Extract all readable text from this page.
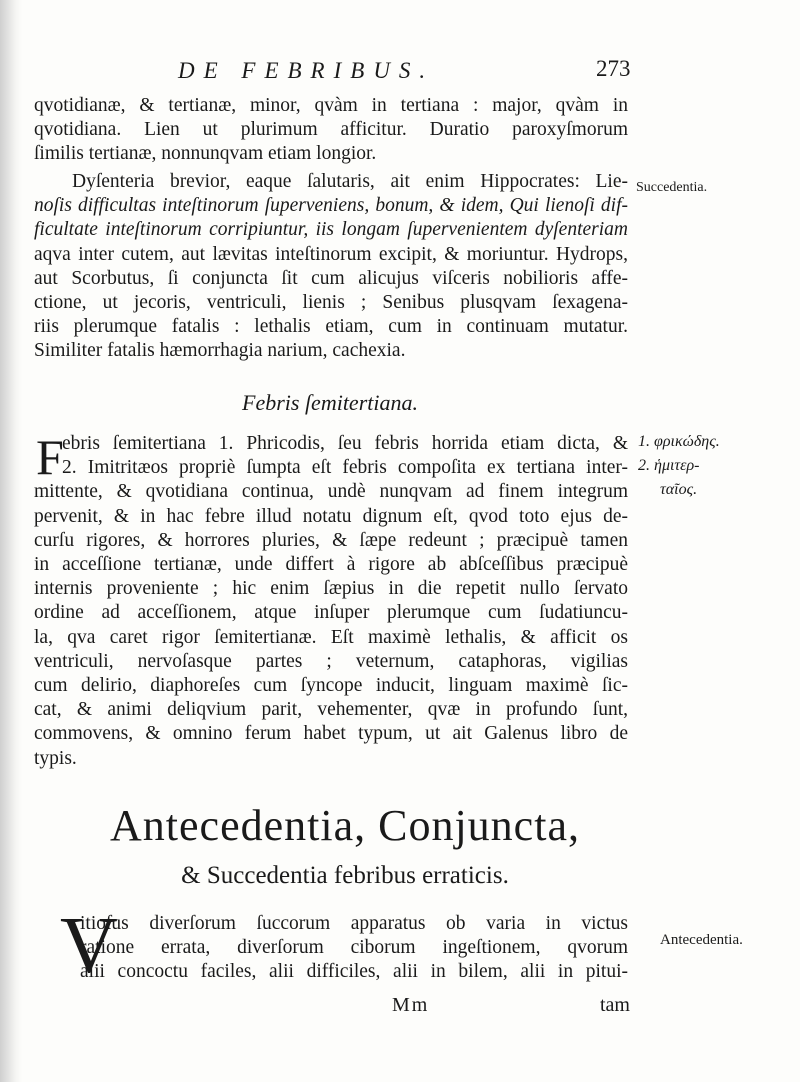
DE FEBRIBUS.	273
qvotidianæ, & tertianæ, minor, qvàm in tertiana : major, qvàm in
qvotidiana. Lien ut plurimum afficitur. Duratio paroxyſmorum
ſimilis tertianæ, nonnunqvam etiam longior.
Dyſenteria brevior, eaque ſalutaris, ait enim Hippocrates: Lie-
noſis difficultas inteſtinorum ſuperveniens, bonum, & idem, Qui lienoſi dif-
ficultate inteſtinorum corripiuntur, iis longam ſupervenientem dyſenteriam
aqva inter cutem, aut lævitas inteſtinorum excipit, & moriuntur. Hydrops,
aut Scorbutus, ſi conjuncta ſit cum alicujus viſceris nobilioris affe-
ctione, ut jecoris, ventriculi, lienis ; Senibus plusqvam ſexagena-
riis plerumque fatalis : lethalis etiam, cum in continuam mutatur.
Similiter fatalis hæmorrhagia narium, cachexia.
Succedentia.
Febris ſemitertiana.
F
ebris ſemitertiana 1. Phricodis, ſeu febris horrida etiam dicta, &
2. Imitritæos propriè ſumpta eſt febris compoſita ex tertiana inter-
mittente, & qvotidiana continua, undè nunqvam ad finem integrum
pervenit, & in hac febre illud notatu dignum eſt, qvod toto ejus de-
curſu rigores, & horrores pluries, & ſæpe redeunt ; præcipuè tamen
in acceſſione tertianæ, unde differt à rigore ab abſceſſibus præcipuè
internis proveniente ; hic enim ſæpius in die repetit nullo ſervato
ordine ad acceſſionem, atque inſuper plerumque cum ſudatiuncu-
la, qva caret rigor ſemitertianæ. Eſt maximè lethalis, & afficit os
ventriculi, nervoſasque partes ; veternum, cataphoras, vigilias
cum delirio, diaphoreſes cum ſyncope inducit, linguam maximè ſic-
cat, & animi deliqvium parit, vehementer, qvæ in profundo ſunt,
commovens, & omnino ferum habet typum, ut ait Galenus libro de
typis.
1. φρικώδης.
2. ἡμιτερ-
ταῖος.
Antecedentia, Conjuncta,
& Succedentia febribus erraticis.
V
itioſus diverſorum ſuccorum apparatus ob varia in victus
ratione errata, diverſorum ciborum ingeſtionem, qvorum
alii concoctu faciles, alii difficiles, alii in bilem, alii in pitui-
Antecedentia.
Mm	tam
